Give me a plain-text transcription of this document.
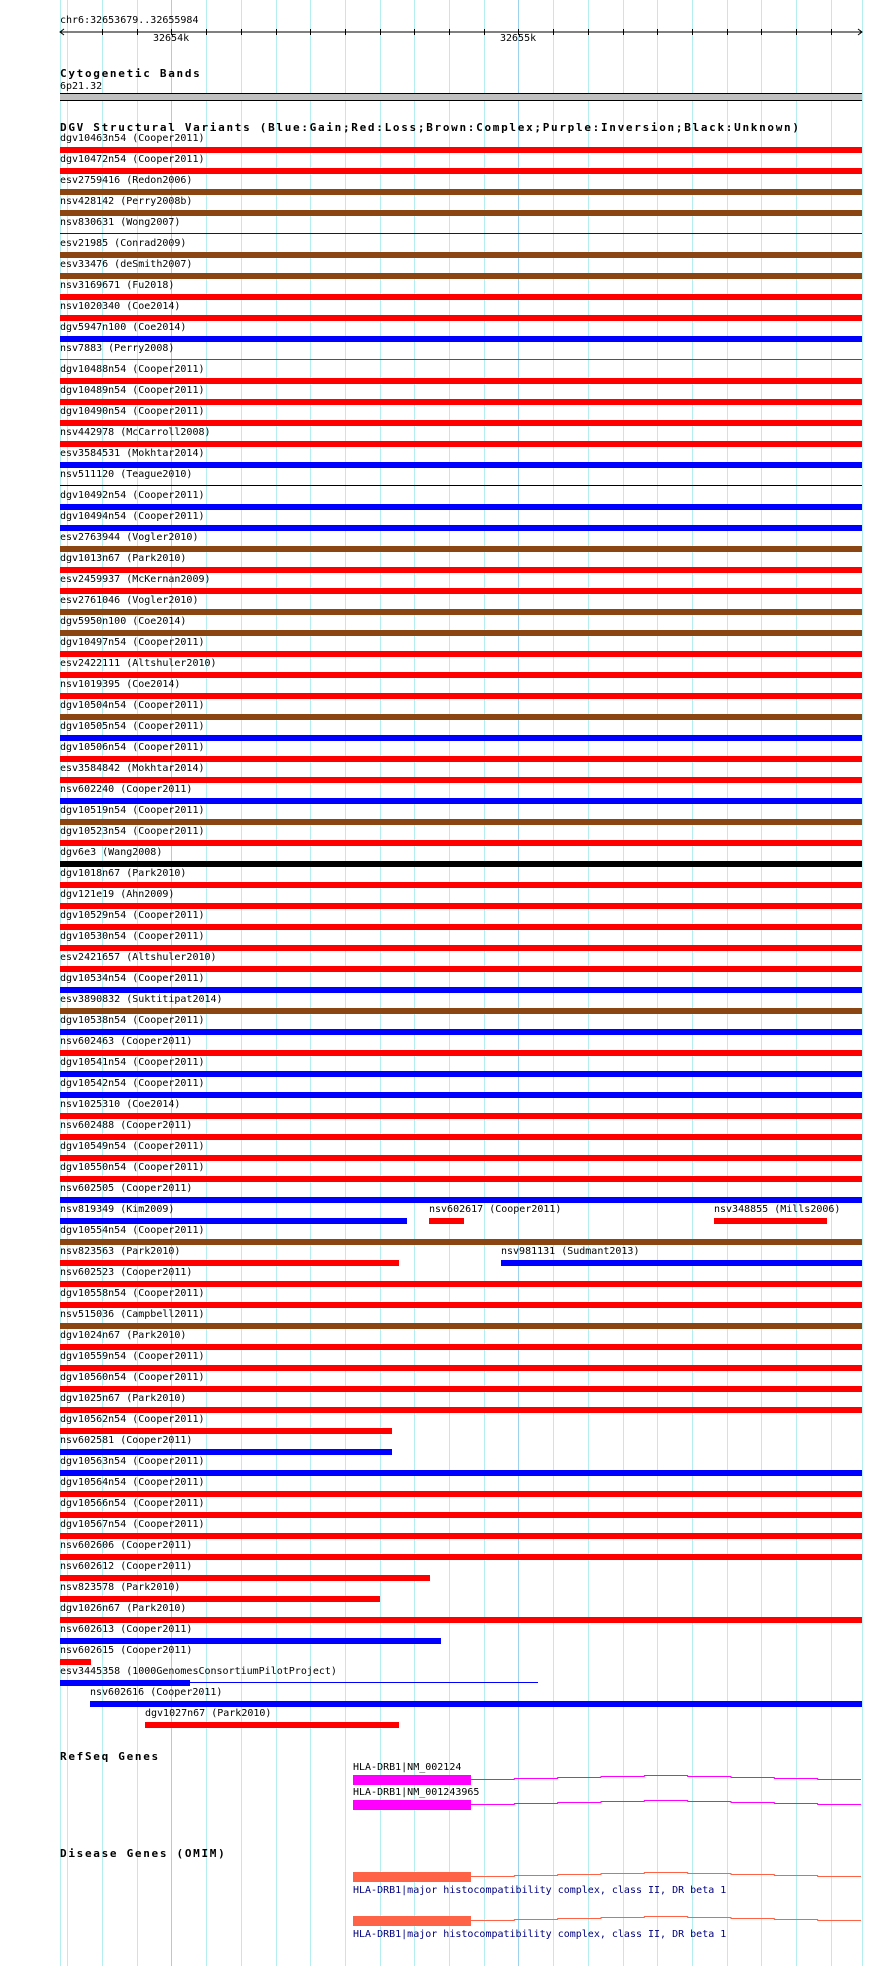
chr6:32653679..32655984
32654k	32655k
Cytogenetic Bands
6p21.32
DGV Structural Variants (Blue:Gain;Red:Loss;Brown:Complex;Purple:Inversion;Black:Unknown)
dgv10463n54 (Cooper2011)
dgv10472n54 (Cooper2011)
esv2759416 (Redon2006)
nsv428142 (Perry2008b)
nsv830631 (Wong2007)
esv21985 (Conrad2009)
esv33476 (deSmith2007)
nsv3169671 (Fu2018)
nsv1020340 (Coe2014)
dgv5947n100 (Coe2014)
nsv7883 (Perry2008)
dgv10488n54 (Cooper2011)
dgv10489n54 (Cooper2011)
dgv10490n54 (Cooper2011)
nsv442978 (McCarroll2008)
esv3584531 (Mokhtar2014)
nsv511120 (Teague2010)
dgv10492n54 (Cooper2011)
dgv10494n54 (Cooper2011)
esv2763944 (Vogler2010)
dgv1013n67 (Park2010)
esv2459937 (McKernan2009)
esv2761046 (Vogler2010)
dgv5950n100 (Coe2014)
dgv10497n54 (Cooper2011)
esv2422111 (Altshuler2010)
nsv1019395 (Coe2014)
dgv10504n54 (Cooper2011)
dgv10505n54 (Cooper2011)
dgv10506n54 (Cooper2011)
esv3584842 (Mokhtar2014)
nsv602240 (Cooper2011)
dgv10519n54 (Cooper2011)
dgv10523n54 (Cooper2011)
dgv6e3 (Wang2008)
dgv1018n67 (Park2010)
dgv121e19 (Ahn2009)
dgv10529n54 (Cooper2011)
dgv10530n54 (Cooper2011)
esv2421657 (Altshuler2010)
dgv10534n54 (Cooper2011)
esv3890832 (Suktitipat2014)
dgv10538n54 (Cooper2011)
nsv602463 (Cooper2011)
dgv10541n54 (Cooper2011)
dgv10542n54 (Cooper2011)
nsv1025310 (Coe2014)
nsv602488 (Cooper2011)
dgv10549n54 (Cooper2011)
dgv10550n54 (Cooper2011)
nsv602505 (Cooper2011)
nsv819349 (Kim2009)	nsv602617 (Cooper2011)	nsv348855 (Mills2006)
dgv10554n54 (Cooper2011)
nsv823563 (Park2010)	nsv981131 (Sudmant2013)
nsv602523 (Cooper2011)
dgv10558n54 (Cooper2011)
nsv515036 (Campbell2011)
dgv1024n67 (Park2010)
dgv10559n54 (Cooper2011)
dgv10560n54 (Cooper2011)
dgv1025n67 (Park2010)
dgv10562n54 (Cooper2011)
nsv602581 (Cooper2011)
dgv10563n54 (Cooper2011)
dgv10564n54 (Cooper2011)
dgv10566n54 (Cooper2011)
dgv10567n54 (Cooper2011)
nsv602606 (Cooper2011)
nsv602612 (Cooper2011)
nsv823578 (Park2010)
dgv1026n67 (Park2010)
nsv602613 (Cooper2011)
nsv602615 (Cooper2011)
esv3445358 (1000GenomesConsortiumPilotProject)
nsv602616 (Cooper2011)
dgv1027n67 (Park2010)
RefSeq Genes
HLA-DRB1|NM_002124
HLA-DRB1|NM_001243965
Disease Genes (OMIM)
HLA-DRB1|major histocompatibility complex, class II, DR beta 1
HLA-DRB1|major histocompatibility complex, class II, DR beta 1
